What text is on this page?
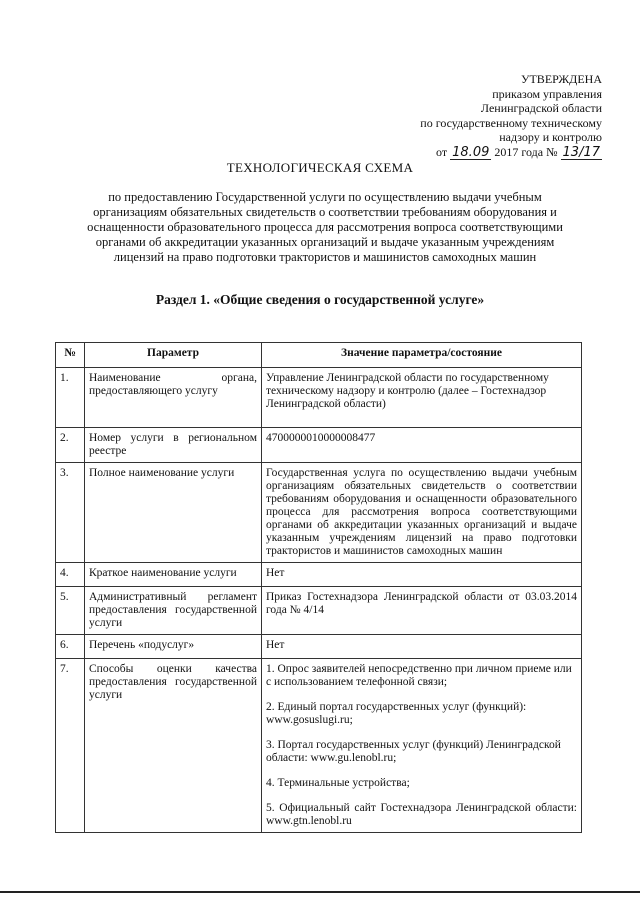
УТВЕРЖДЕНА
приказом управления
Ленинградской области
по государственному техническому
надзору и контролю
от 18.09 2017 года № 13/17
ТЕХНОЛОГИЧЕСКАЯ СХЕМА
по предоставлению Государственной услуги по осуществлению выдачи учебным организациям обязательных свидетельств о соответствии требованиям оборудования и оснащенности образовательного процесса для рассмотрения вопроса соответствующими органами об аккредитации указанных организаций и выдаче указанным учреждениям лицензий на право подготовки трактористов и машинистов самоходных машин
Раздел 1. «Общие сведения о государственной услуге»
№	Параметр	Значение параметра/состояние
1.	Наименование органа, предоставляющего услугу	Управление Ленинградской области по государственному техническому надзору и контролю (далее – Гостехнадзор Ленинградской области)
2.	Номер услуги в региональном реестре	4700000010000008477
3.	Полное наименование услуги	Государственная услуга по осуществлению выдачи учебным организациям обязательных свидетельств о соответствии требованиям оборудования и оснащенности образовательного процесса для рассмотрения вопроса соответствующими органами об аккредитации указанных организаций и выдаче указанным учреждениям лицензий на право подготовки трактористов и машинистов самоходных машин
4.	Краткое наименование услуги	Нет
5.	Административный регламент предоставления государственной услуги	Приказ Гостехнадзора Ленинградской области от 03.03.2014 года № 4/14
6.	Перечень «подуслуг»	Нет
7.	Способы оценки качества предоставления государственной услуги	1. Опрос заявителей непосредственно при личном приеме или с использованием телефонной связи;
2. Единый портал государственных услуг (функций): www.gosuslugi.ru;
3. Портал государственных услуг (функций) Ленинградской области: www.gu.lenobl.ru;
4. Терминальные устройства;
5. Официальный сайт Гостехнадзора Ленинградской области: www.gtn.lenobl.ru
